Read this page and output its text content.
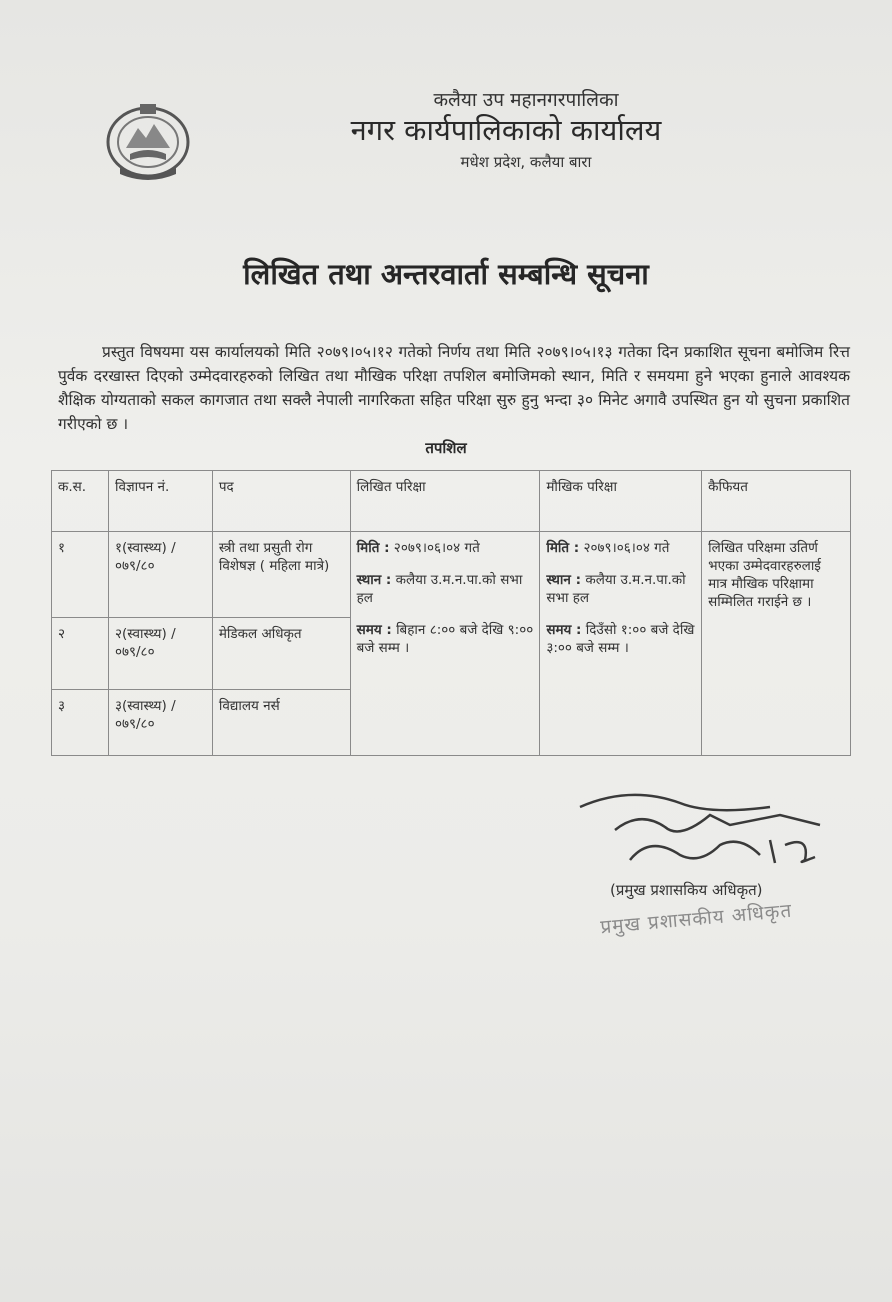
कलैया उप महानगरपालिका
नगर कार्यपालिकाको कार्यालय
मधेश प्रदेश, कलैया बारा
लिखित तथा अन्तरवार्ता सम्बन्धि सूचना
प्रस्तुत विषयमा यस कार्यालयको मिति २०७९।०५।१२ गतेको निर्णय तथा मिति २०७९।०५।१३ गतेका दिन प्रकाशित सूचना बमोजिम रित्त पुर्वक दरखास्त दिएको उम्मेदवारहरुको लिखित तथा मौखिक परिक्षा तपशिल बमोजिमको स्थान, मिति र समयमा हुने भएका हुनाले आवश्यक शैक्षिक योग्यताको सकल कागजात तथा सक्लै नेपाली नागरिकता सहित परिक्षा सुरु हुनु भन्दा ३० मिनेट अगावै उपस्थित हुन यो सुचना प्रकाशित गरीएको छ ।
तपशिल
क.स.	विज्ञापन नं.	पद	लिखित परिक्षा	मौखिक परिक्षा	कैफियत
१	१(स्वास्थ्य) /०७९/८०	स्त्री तथा प्रसुती रोग विशेषज्ञ ( महिला मात्रे)	मिति : २०७९।०६।०४ गते
स्थान : कलैया उ.म.न.पा.को सभा हल
समय : बिहान ८:०० बजे देखि ९:०० बजे सम्म ।	मिति : २०७९।०६।०४ गते
स्थान : कलैया उ.म.न.पा.को सभा हल
समय : दिउँसो १:०० बजे देखि ३:०० बजे सम्म ।	लिखित परिक्षमा उतिर्ण भएका उम्मेदवारहरुलाई मात्र मौखिक परिक्षामा सम्मिलित गराईने छ ।
२	२(स्वास्थ्य) /०७९/८०	मेडिकल अधिकृत			
३	३(स्वास्थ्य) /०७९/८०	विद्यालय नर्स			
(प्रमुख प्रशासकिय अधिकृत)
प्रमुख प्रशासकीय अधिकृत
